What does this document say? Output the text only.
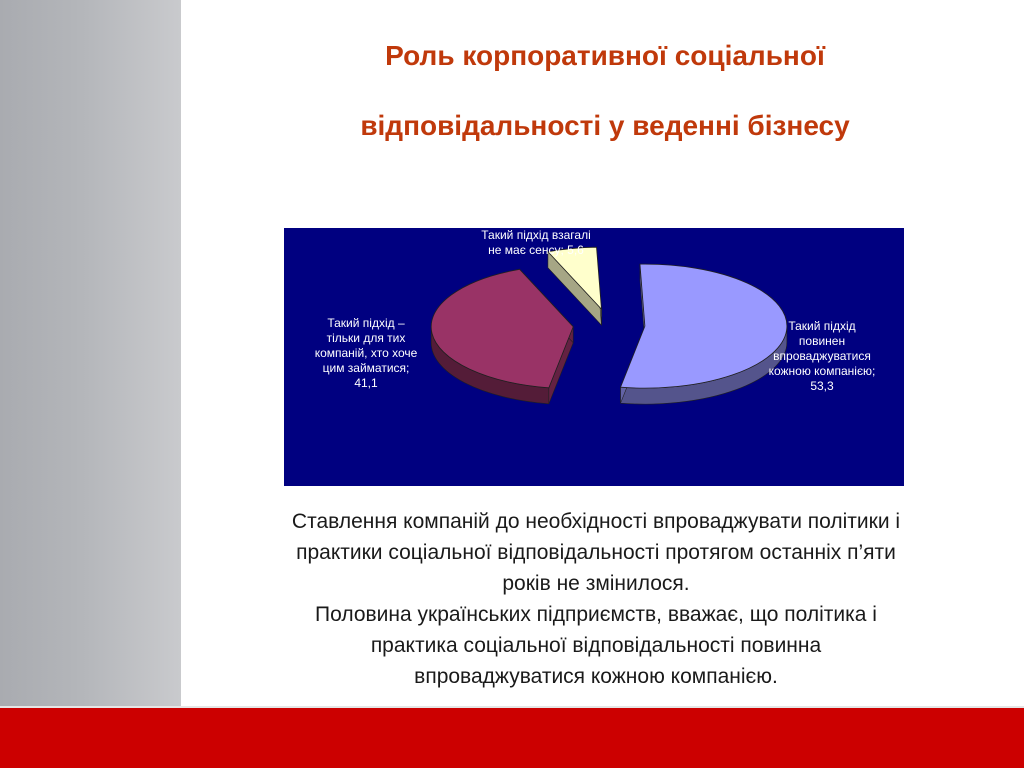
Роль корпоративної соціальної
відповідальності у веденні бізнесу
Такий підхід
повинен
впроваджуватися
кожною компанією;
53,3
Такий підхід –
тільки для тих
компаній, хто хоче
цим займатися;
41,1
Такий підхід взагалі
не має сенсу; 5,6
Ставлення компаній до необхідності впроваджувати політики і
практики соціальної відповідальності протягом останніх п’яти
років не змінилося.
Половина українських підприємств, вважає, що політика і
практика соціальної відповідальності повинна
впроваджуватися кожною компанією.
